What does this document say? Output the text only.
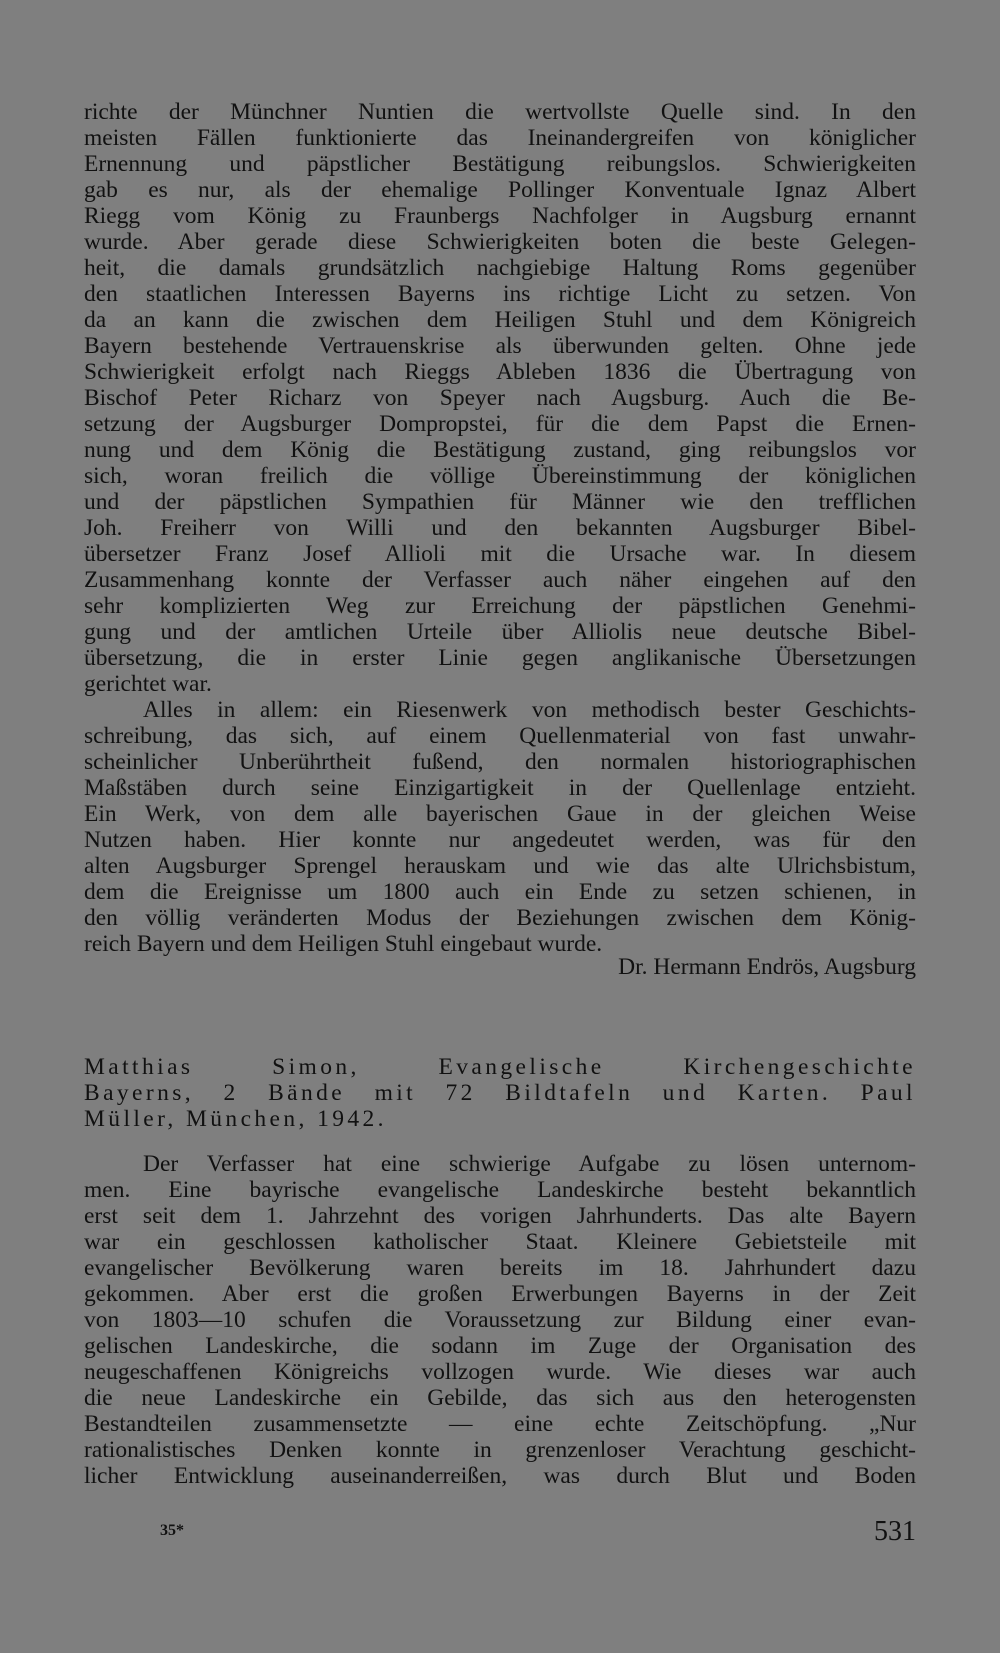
richte der Münchner Nuntien die wertvollste Quelle sind. In den
meisten Fällen funktionierte das Ineinandergreifen von königlicher
Ernennung und päpstlicher Bestätigung reibungslos. Schwierigkeiten
gab es nur, als der ehemalige Pollinger Konventuale Ignaz Albert
Riegg vom König zu Fraunbergs Nachfolger in Augsburg ernannt
wurde. Aber gerade diese Schwierigkeiten boten die beste Gelegen-
heit, die damals grundsätzlich nachgiebige Haltung Roms gegenüber
den staatlichen Interessen Bayerns ins richtige Licht zu setzen. Von
da an kann die zwischen dem Heiligen Stuhl und dem Königreich
Bayern bestehende Vertrauenskrise als überwunden gelten. Ohne jede
Schwierigkeit erfolgt nach Rieggs Ableben 1836 die Übertragung von
Bischof Peter Richarz von Speyer nach Augsburg. Auch die Be-
setzung der Augsburger Dompropstei, für die dem Papst die Ernen-
nung und dem König die Bestätigung zustand, ging reibungslos vor
sich, woran freilich die völlige Übereinstimmung der königlichen
und der päpstlichen Sympathien für Männer wie den trefflichen
Joh. Freiherr von Willi und den bekannten Augsburger Bibel-
übersetzer Franz Josef Allioli mit die Ursache war. In diesem
Zusammenhang konnte der Verfasser auch näher eingehen auf den
sehr komplizierten Weg zur Erreichung der päpstlichen Genehmi-
gung und der amtlichen Urteile über Alliolis neue deutsche Bibel-
übersetzung, die in erster Linie gegen anglikanische Übersetzungen
gerichtet war.
Alles in allem: ein Riesenwerk von methodisch bester Geschichts-
schreibung, das sich, auf einem Quellenmaterial von fast unwahr-
scheinlicher Unberührtheit fußend, den normalen historiographischen
Maßstäben durch seine Einzigartigkeit in der Quellenlage entzieht.
Ein Werk, von dem alle bayerischen Gaue in der gleichen Weise
Nutzen haben. Hier konnte nur angedeutet werden, was für den
alten Augsburger Sprengel herauskam und wie das alte Ulrichsbistum,
dem die Ereignisse um 1800 auch ein Ende zu setzen schienen, in
den völlig veränderten Modus der Beziehungen zwischen dem König-
reich Bayern und dem Heiligen Stuhl eingebaut wurde.
Dr. Hermann Endrös, Augsburg
Matthias Simon, Evangelische Kirchengeschichte
Bayerns, 2 Bände mit 72 Bildtafeln und Karten. Paul
Müller, München, 1942.
Der Verfasser hat eine schwierige Aufgabe zu lösen unternom-
men. Eine bayrische evangelische Landeskirche besteht bekanntlich
erst seit dem 1. Jahrzehnt des vorigen Jahrhunderts. Das alte Bayern
war ein geschlossen katholischer Staat. Kleinere Gebietsteile mit
evangelischer Bevölkerung waren bereits im 18. Jahrhundert dazu
gekommen. Aber erst die großen Erwerbungen Bayerns in der Zeit
von 1803—10 schufen die Voraussetzung zur Bildung einer evan-
gelischen Landeskirche, die sodann im Zuge der Organisation des
neugeschaffenen Königreichs vollzogen wurde. Wie dieses war auch
die neue Landeskirche ein Gebilde, das sich aus den heterogensten
Bestandteilen zusammensetzte — eine echte Zeitschöpfung. „Nur
rationalistisches Denken konnte in grenzenloser Verachtung geschicht-
licher Entwicklung auseinanderreißen, was durch Blut und Boden
35*	531
